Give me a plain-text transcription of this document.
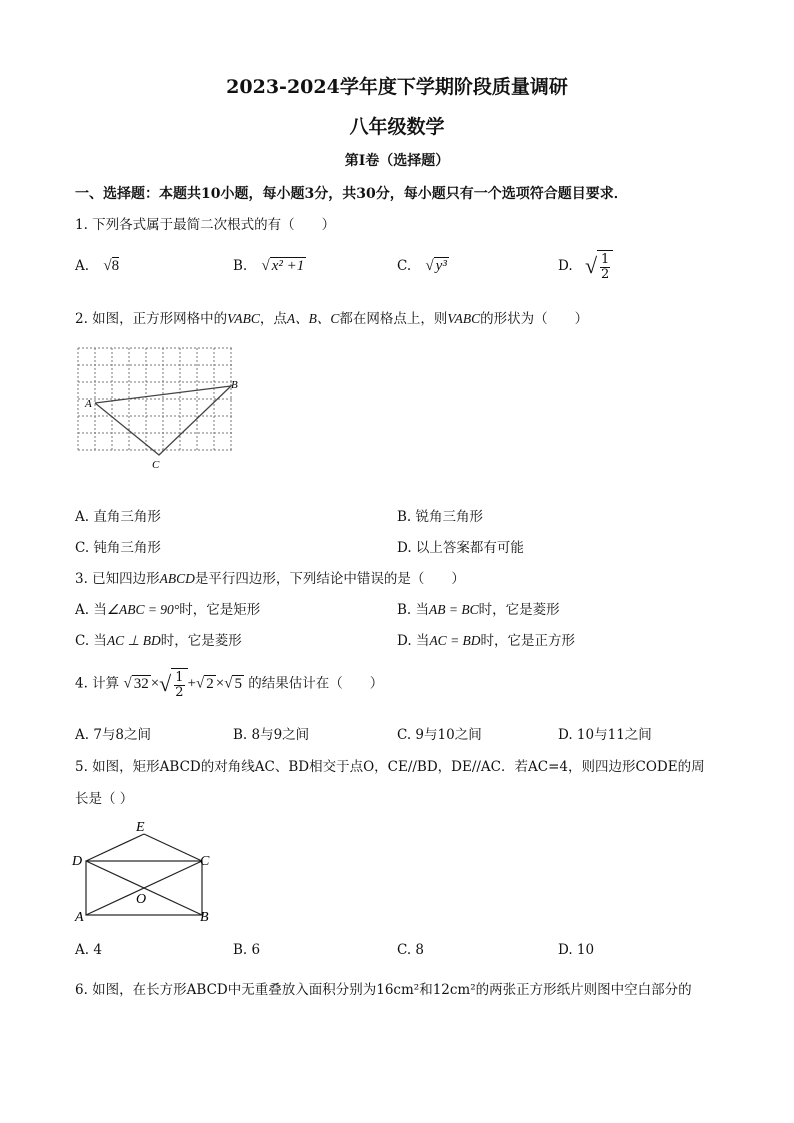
2023-2024学年度下学期阶段质量调研
八年级数学
第Ⅰ卷（选择题）
一、选择题：本题共10小题，每小题3分，共30分，每小题只有一个选项符合题目要求．
1. 下列各式属于最简二次根式的有（　　）
A. √8	B. √ x² +1	C. √ y³	D. √ $\frac{1}{2}$
2. 如图，正方形网格中的VABC，点A、B、C都在网格点上，则VABC的形状为（　　）
A
B
C
A. 直角三角形	B. 锐角三角形
C. 钝角三角形	D. 以上答案都有可能
3. 已知四边形ABCD是平行四边形，下列结论中错误的是（　　）
A. 当∠ABC = 90°时，它是矩形	B. 当AB = BC时，它是菱形
C. 当AC ⊥ BD时，它是菱形	D. 当AC = BD时，它是正方形
4. 计算 √ 32 ×√ $\frac{1}{2}$ +√ 2 ×√ 5 的结果估计在（　　）
A. 7与8之间	B. 8与9之间	C. 9与10之间	D. 10与11之间
5. 如图，矩形ABCD的对角线AC、BD相交于点O，CE//BD，DE//AC．若AC=4，则四边形CODE的周
长是（ ）
E
D	C
O
A	B
A. 4	B. 6	C. 8	D. 10
6. 如图，在长方形ABCD中无重叠放入面积分别为16cm²和12cm²的两张正方形纸片则图中空白部分的
